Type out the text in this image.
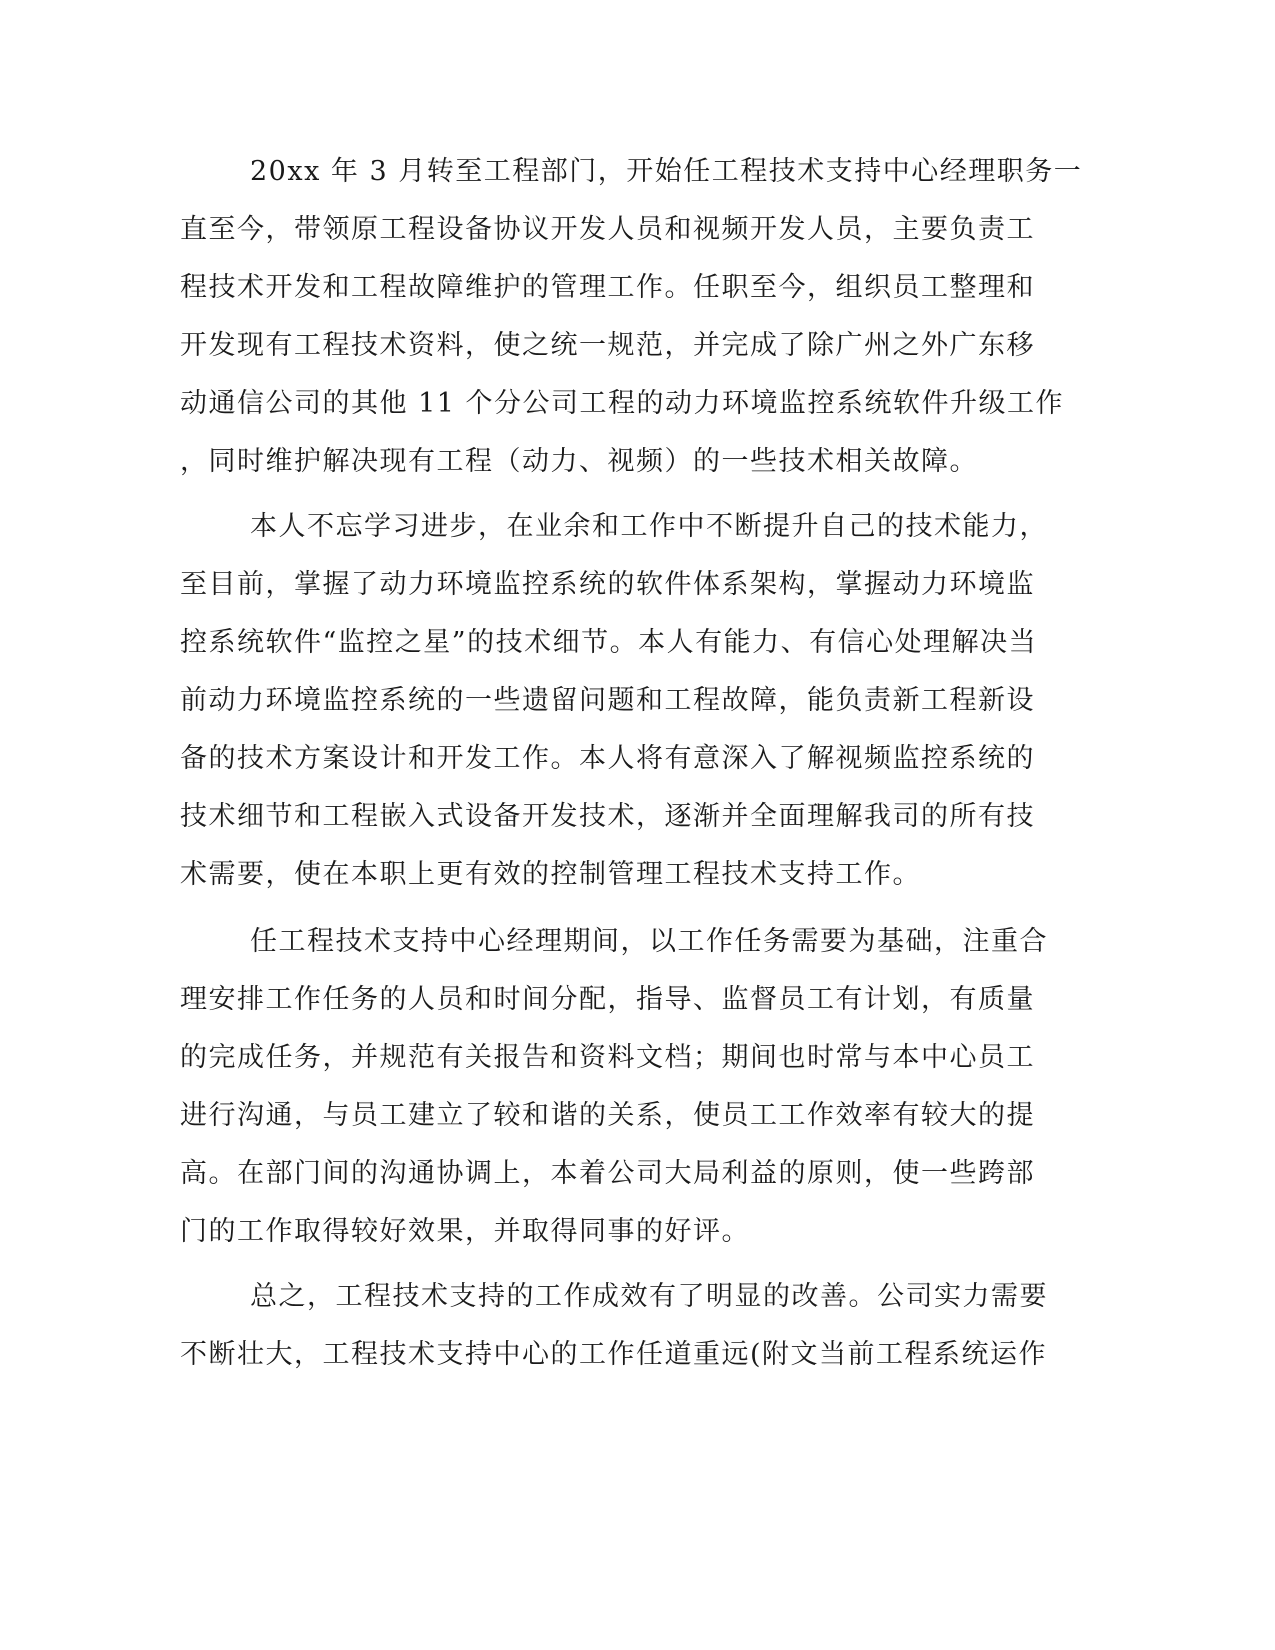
20xx 年 3 月转至工程部门，开始任工程技术支持中心经理职务一
直至今，带领原工程设备协议开发人员和视频开发人员，主要负责工
程技术开发和工程故障维护的管理工作。任职至今，组织员工整理和
开发现有工程技术资料，使之统一规范，并完成了除广州之外广东移
动通信公司的其他 11 个分公司工程的动力环境监控系统软件升级工作
，同时维护解决现有工程（动力、视频）的一些技术相关故障。
本人不忘学习进步，在业余和工作中不断提升自己的技术能力，
至目前，掌握了动力环境监控系统的软件体系架构，掌握动力环境监
控系统软件“监控之星”的技术细节。本人有能力、有信心处理解决当
前动力环境监控系统的一些遗留问题和工程故障，能负责新工程新设
备的技术方案设计和开发工作。本人将有意深入了解视频监控系统的
技术细节和工程嵌入式设备开发技术，逐渐并全面理解我司的所有技
术需要，使在本职上更有效的控制管理工程技术支持工作。
任工程技术支持中心经理期间，以工作任务需要为基础，注重合
理安排工作任务的人员和时间分配，指导、监督员工有计划，有质量
的完成任务，并规范有关报告和资料文档；期间也时常与本中心员工
进行沟通，与员工建立了较和谐的关系，使员工工作效率有较大的提
高。在部门间的沟通协调上，本着公司大局利益的原则，使一些跨部
门的工作取得较好效果，并取得同事的好评。
总之，工程技术支持的工作成效有了明显的改善。公司实力需要
不断壮大，工程技术支持中心的工作任道重远(附文当前工程系统运作
